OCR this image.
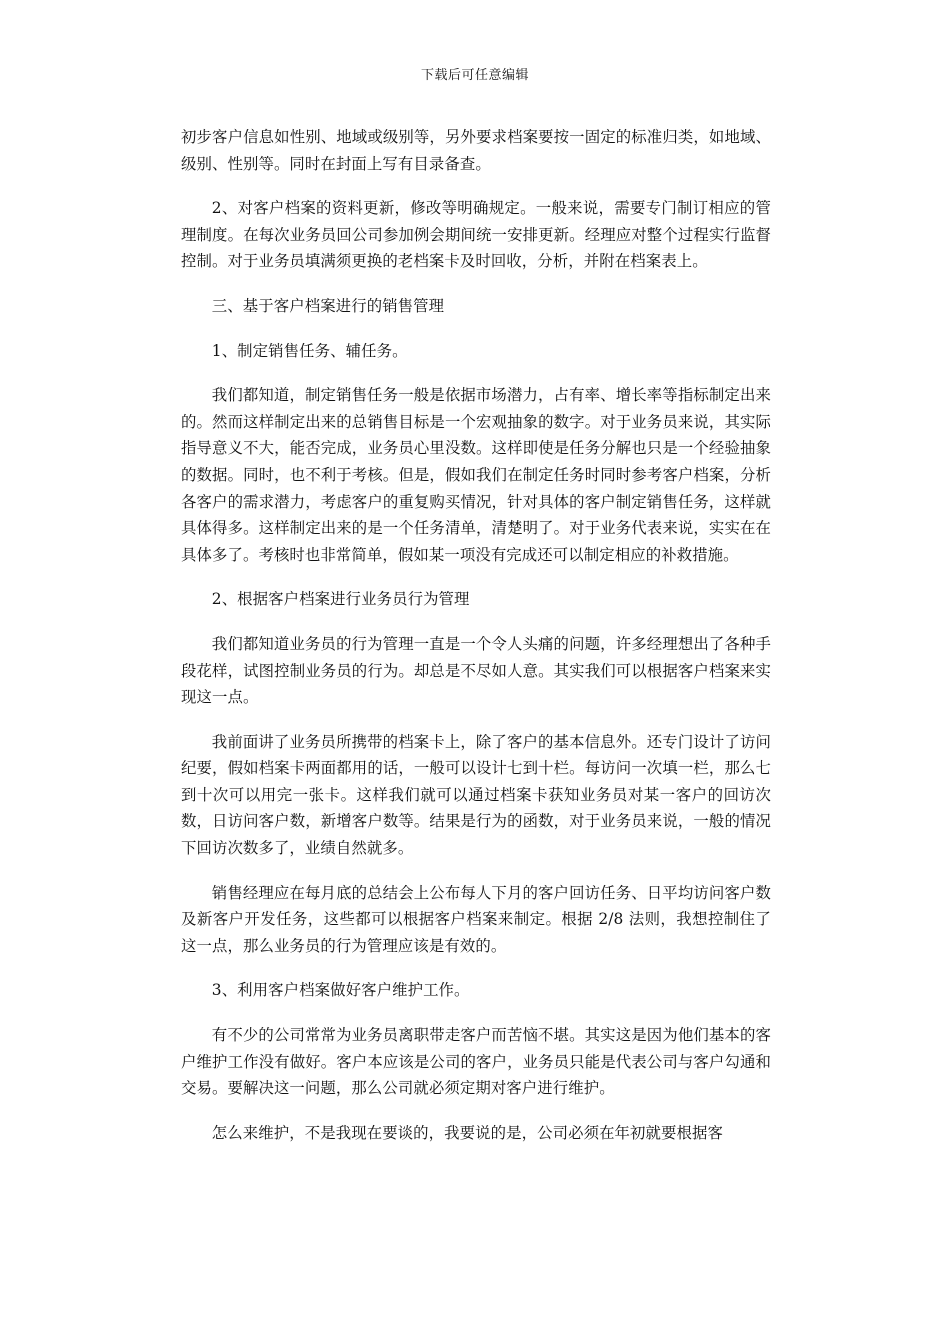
下载后可任意编辑

初步客户信息如性别、地域或级别等，另外要求档案要按一固定的标准归类，如地域、级别、性别等。同时在封面上写有目录备查。

2、对客户档案的资料更新，修改等明确规定。一般来说，需要专门制订相应的管理制度。在每次业务员回公司参加例会期间统一安排更新。经理应对整个过程实行监督控制。对于业务员填满须更换的老档案卡及时回收，分析，并附在档案表上。

三、基于客户档案进行的销售管理

1、制定销售任务、辅任务。

我们都知道，制定销售任务一般是依据市场潜力，占有率、增长率等指标制定出来的。然而这样制定出来的总销售目标是一个宏观抽象的数字。对于业务员来说，其实际指导意义不大，能否完成，业务员心里没数。这样即使是任务分解也只是一个经验抽象的数据。同时，也不利于考核。但是，假如我们在制定任务时同时参考客户档案，分析各客户的需求潜力，考虑客户的重复购买情况，针对具体的客户制定销售任务，这样就具体得多。这样制定出来的是一个任务清单，清楚明了。对于业务代表来说，实实在在具体多了。考核时也非常简单，假如某一项没有完成还可以制定相应的补救措施。

2、根据客户档案进行业务员行为管理

我们都知道业务员的行为管理一直是一个令人头痛的问题，许多经理想出了各种手段花样，试图控制业务员的行为。却总是不尽如人意。其实我们可以根据客户档案来实现这一点。

我前面讲了业务员所携带的档案卡上，除了客户的基本信息外。还专门设计了访问纪要，假如档案卡两面都用的话，一般可以设计七到十栏。每访问一次填一栏，那么七到十次可以用完一张卡。这样我们就可以通过档案卡获知业务员对某一客户的回访次数，日访问客户数，新增客户数等。结果是行为的函数，对于业务员来说，一般的情况下回访次数多了，业绩自然就多。

销售经理应在每月底的总结会上公布每人下月的客户回访任务、日平均访问客户数及新客户开发任务，这些都可以根据客户档案来制定。根据 2/8 法则，我想控制住了这一点，那么业务员的行为管理应该是有效的。

3、利用客户档案做好客户维护工作。

有不少的公司常常为业务员离职带走客户而苦恼不堪。其实这是因为他们基本的客户维护工作没有做好。客户本应该是公司的客户，业务员只能是代表公司与客户勾通和交易。要解决这一问题，那么公司就必须定期对客户进行维护。

怎么来维护，不是我现在要谈的，我要说的是，公司必须在年初就要根据客
